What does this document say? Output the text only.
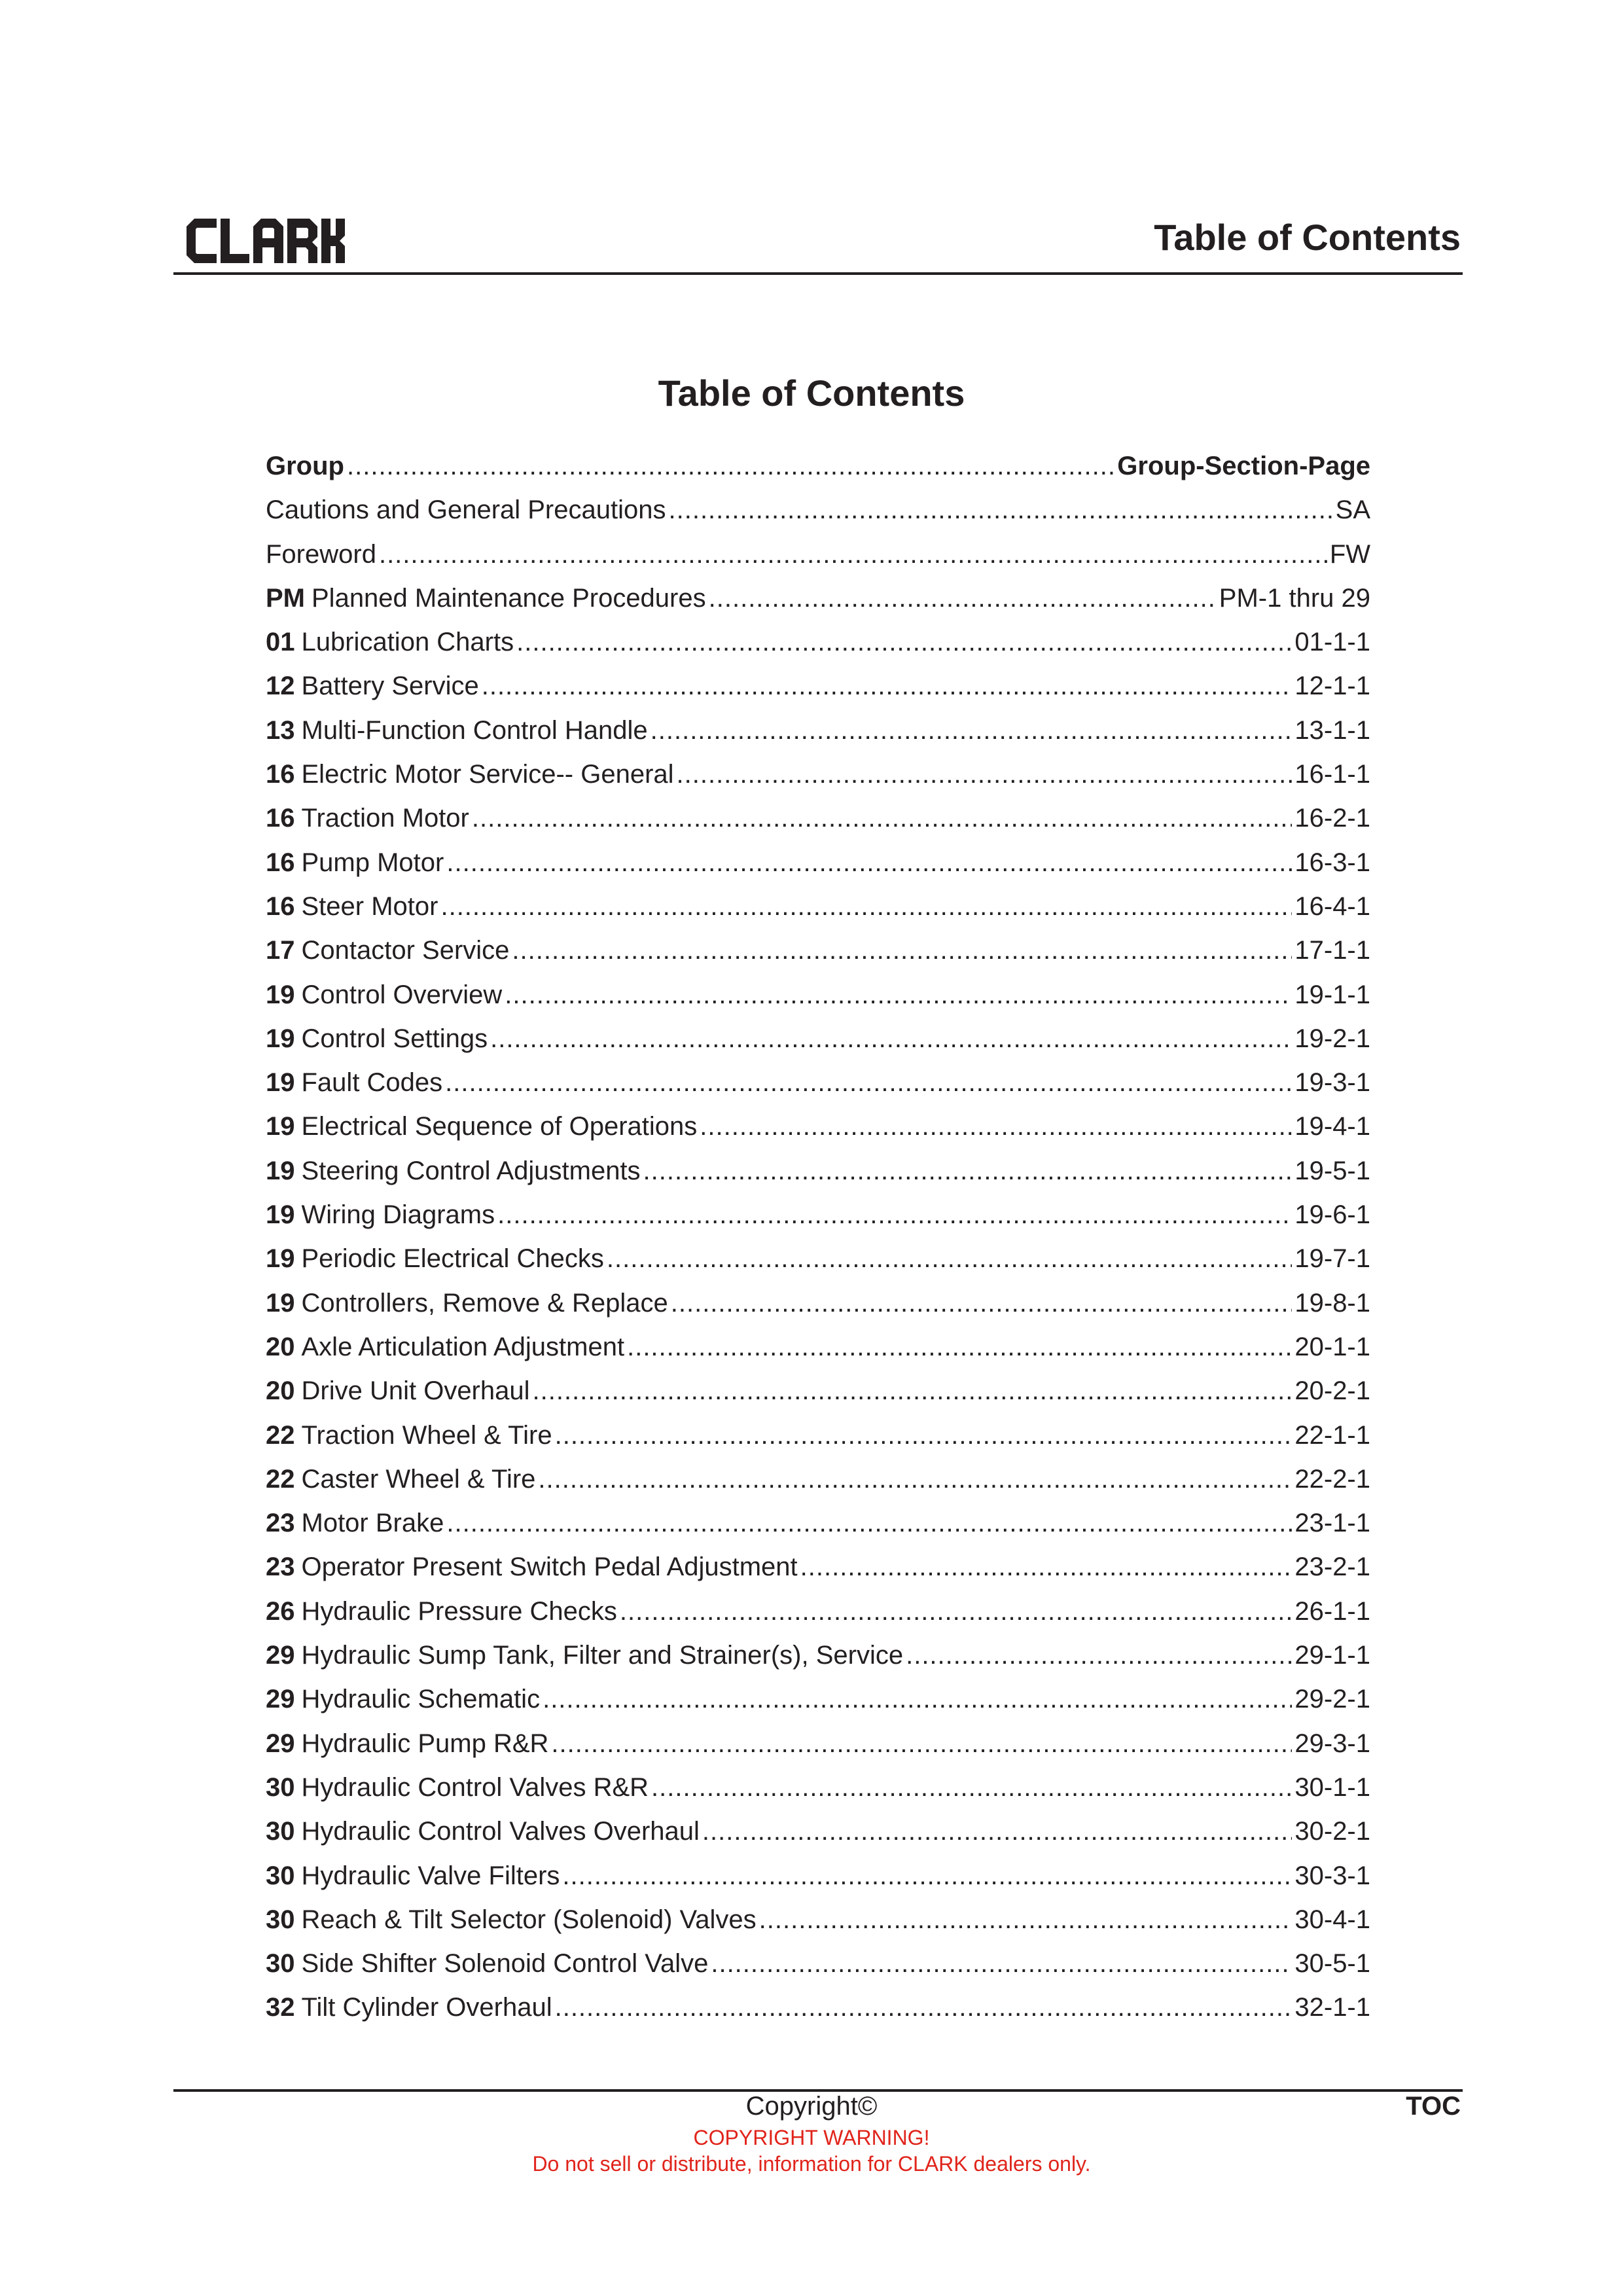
Table of Contents
Table of Contents
Group .....	Group-Section-Page
Cautions and General Precautions .....	SA
Foreword .....	FW
PM Planned Maintenance Procedures .....	PM-1 thru 29
01 Lubrication Charts .....	01-1-1
12 Battery Service .....	12-1-1
13 Multi-Function Control Handle .....	13-1-1
16 Electric Motor Service-- General .....	16-1-1
16 Traction Motor .....	16-2-1
16 Pump Motor .....	16-3-1
16 Steer Motor .....	16-4-1
17 Contactor Service .....	17-1-1
19 Control Overview .....	19-1-1
19 Control Settings .....	19-2-1
19 Fault Codes .....	19-3-1
19 Electrical Sequence of Operations .....	19-4-1
19 Steering Control Adjustments .....	19-5-1
19 Wiring Diagrams .....	19-6-1
19 Periodic Electrical Checks .....	19-7-1
19 Controllers, Remove & Replace .....	19-8-1
20 Axle Articulation Adjustment .....	20-1-1
20 Drive Unit Overhaul .....	20-2-1
22 Traction Wheel & Tire .....	22-1-1
22 Caster Wheel & Tire .....	22-2-1
23 Motor Brake .....	23-1-1
23 Operator Present Switch Pedal Adjustment .....	23-2-1
26 Hydraulic Pressure Checks .....	26-1-1
29 Hydraulic Sump Tank, Filter and Strainer(s), Service .....	29-1-1
29 Hydraulic Schematic .....	29-2-1
29 Hydraulic Pump R&R .....	29-3-1
30 Hydraulic Control Valves R&R .....	30-1-1
30 Hydraulic Control Valves Overhaul .....	30-2-1
30 Hydraulic Valve Filters .....	30-3-1
30 Reach & Tilt Selector (Solenoid) Valves .....	30-4-1
30 Side Shifter Solenoid Control Valve .....	30-5-1
32 Tilt Cylinder Overhaul .....	32-1-1
Copyright©	TOC
COPYRIGHT WARNING!
Do not sell or distribute, information for CLARK dealers only.
